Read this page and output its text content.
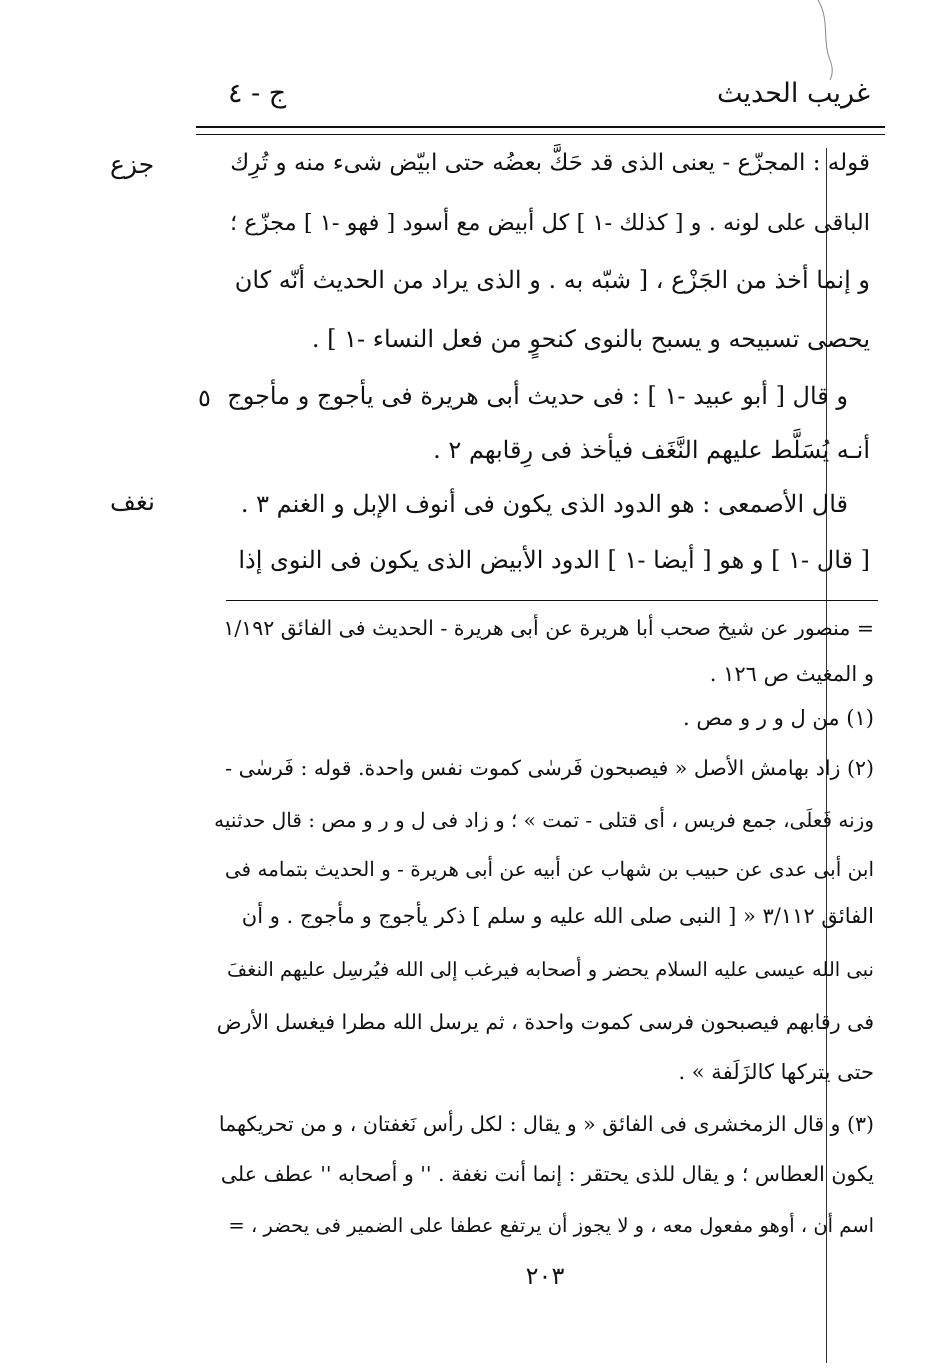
غريب الحديث
ج - ٤
جزع
٥
نغف
قوله : المجزّع - يعنى الذى قد حَكَّ بعضُه حتى ابيّض شىء منه و تُرِك
الباقى على لونه . و [ كذلك -١ ] كل أبيض مع أسود [ فهو -١ ] مجزّع ؛
و إنما أخذ من الجَزْع ، [ شبّه به . و الذى يراد من الحديث أنّه كان
يحصى تسبيحه و يسبح بالنوى كنحوٍ من فعل النساء -١ ] .
و قال [ أبو عبيد -١ ] : فى حديث أبى هريرة فى يأجوج و مأجوج
أنـه يُسَلَّط عليهم النَّغَف فيأخذ فى رِقابهم ٢ .
قال الأصمعى : هو الدود الذى يكون فى أنوف الإبل و الغنم ٣ .
[ قال -١ ] و هو [ أيضا -١ ] الدود الأبيض الذى يكون فى النوى إذا
= منصور عن شيخ صحب أبا هريرة عن أبى هريرة - الحديث فى الفائق ١/١٩٢
و المغيث ص ١٢٦ .
(١) من ل و ر و مص .
(٢) زاد بهامش الأصل « فيصبحون فَرسٰى كموت نفس واحدة. قوله : فَرسٰى -
وزنه فَعلَى، جمع فريس ، أى قتلى - تمت » ؛ و زاد فى ل و ر و مص : قال حدثنيه
ابن أبى عدى عن حبيب بن شهاب عن أبيه عن أبى هريرة - و الحديث بتمامه فى
الفائق ٣/١١٢ « [ النبى صلى الله عليه و سلم ] ذكر يأجوج و مأجوج . و أن
نبى الله عيسى عليه السلام يحضر و أصحابه فيرغب إلى الله فيُرسِل عليهم النغفَ
فى رقابهم فيصبحون فرسى كموت واحدة ، ثم يرسل الله مطرا فيغسل الأرض
حتى يتركها كالزَلَفة » .
(٣) و قال الزمخشرى فى الفائق « و يقال : لكل رأس نَغفتان ، و من تحريكهما
يكون العطاس ؛ و يقال للذى يحتقر : إنما أنت نغفة . '' و أصحابه '' عطف على
اسم أن ، أوهو مفعول معه ، و لا يجوز أن يرتفع عطفا على الضمير فى يحضر ، =
٢٠٣
